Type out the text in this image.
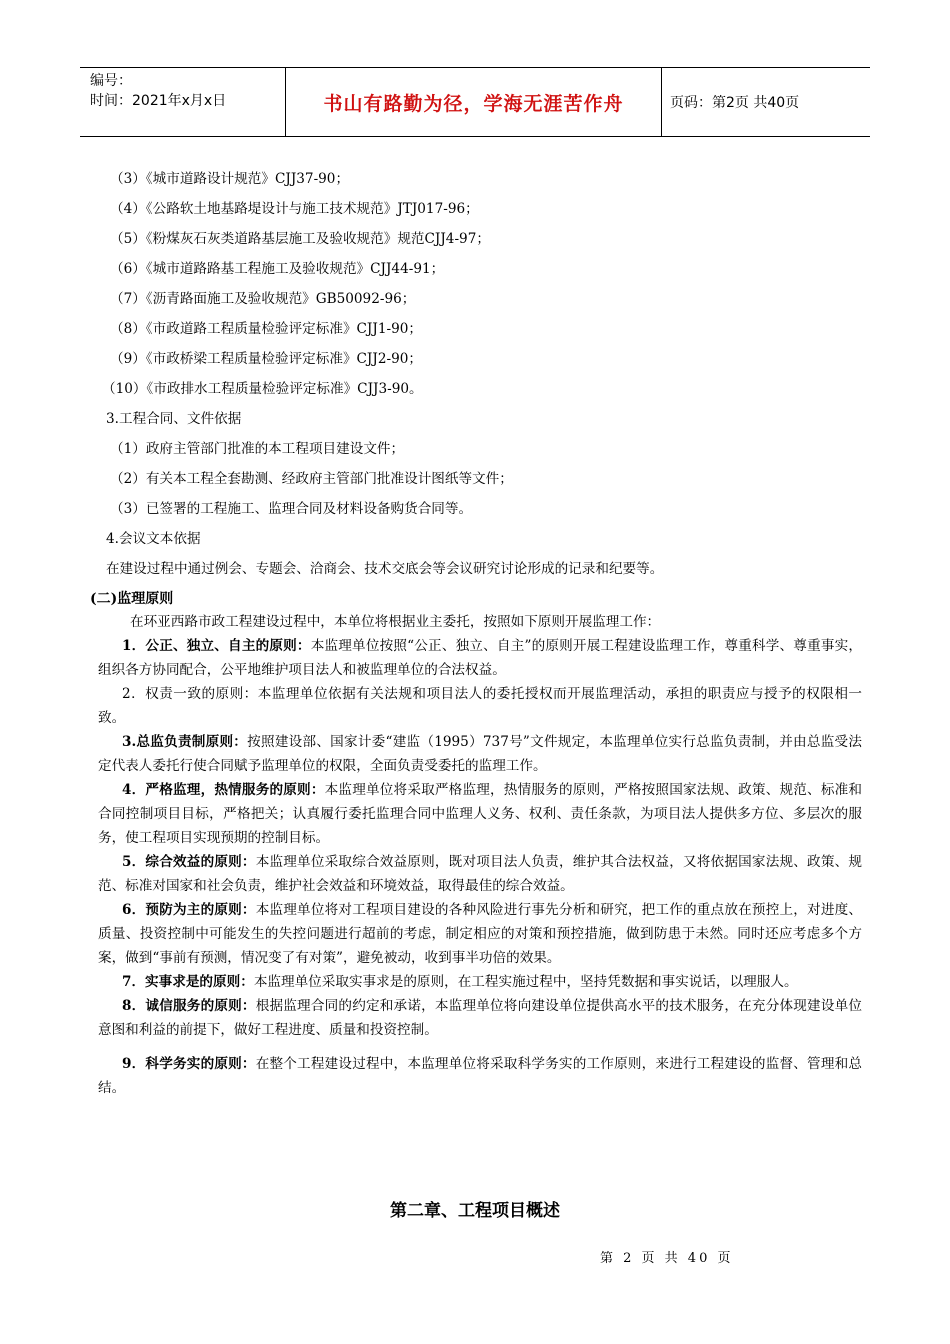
编号：
时间：2021年x月x日	书山有路勤为径，学海无涯苦作舟	页码：第2页 共40页
（3）《城市道路设计规范》CJJ37-90；
（4）《公路软土地基路堤设计与施工技术规范》JTJ017-96；
（5）《粉煤灰石灰类道路基层施工及验收规范》规范CJJ4-97；
（6）《城市道路路基工程施工及验收规范》CJJ44-91；
（7）《沥青路面施工及验收规范》GB50092-96；
（8）《市政道路工程质量检验评定标准》CJJ1-90；
（9）《市政桥梁工程质量检验评定标准》CJJ2-90；
（10）《市政排水工程质量检验评定标准》CJJ3-90。
3.工程合同、文件依据
（1）政府主管部门批准的本工程项目建设文件；
（2）有关本工程全套勘测、经政府主管部门批准设计图纸等文件；
（3）已签署的工程施工、监理合同及材料设备购货合同等。
4.会议文本依据
在建设过程中通过例会、专题会、洽商会、技术交底会等会议研究讨论形成的记录和纪要等。
(二)监理原则
在环亚西路市政工程建设过程中，本单位将根据业主委托，按照如下原则开展监理工作：
1．公正、独立、自主的原则：本监理单位按照“公正、独立、自主”的原则开展工程建设监理工作，尊重科学、尊重事实，组织各方协同配合，公平地维护项目法人和被监理单位的合法权益。
2．权责一致的原则：本监理单位依据有关法规和项目法人的委托授权而开展监理活动，承担的职责应与授予的权限相一致。
3.总监负责制原则：按照建设部、国家计委“建监（1995）737号”文件规定，本监理单位实行总监负责制，并由总监受法定代表人委托行使合同赋予监理单位的权限，全面负责受委托的监理工作。
4．严格监理，热情服务的原则：本监理单位将采取严格监理，热情服务的原则，严格按照国家法规、政策、规范、标准和合同控制项目目标，严格把关；认真履行委托监理合同中监理人义务、权利、责任条款，为项目法人提供多方位、多层次的服务，使工程项目实现预期的控制目标。
5．综合效益的原则：本监理单位采取综合效益原则，既对项目法人负责，维护其合法权益，又将依据国家法规、政策、规范、标准对国家和社会负责，维护社会效益和环境效益，取得最佳的综合效益。
6．预防为主的原则：本监理单位将对工程项目建设的各种风险进行事先分析和研究，把工作的重点放在预控上，对进度、质量、投资控制中可能发生的失控问题进行超前的考虑，制定相应的对策和预控措施，做到防患于未然。同时还应考虑多个方案，做到“事前有预测，情况变了有对策”，避免被动，收到事半功倍的效果。
7．实事求是的原则：本监理单位采取实事求是的原则，在工程实施过程中，坚持凭数据和事实说话，以理服人。
8．诚信服务的原则：根据监理合同的约定和承诺，本监理单位将向建设单位提供高水平的技术服务，在充分体现建设单位意图和利益的前提下，做好工程进度、质量和投资控制。
9．科学务实的原则：在整个工程建设过程中，本监理单位将采取科学务实的工作原则，来进行工程建设的监督、管理和总结。
第二章、工程项目概述
第 2 页 共 40 页
